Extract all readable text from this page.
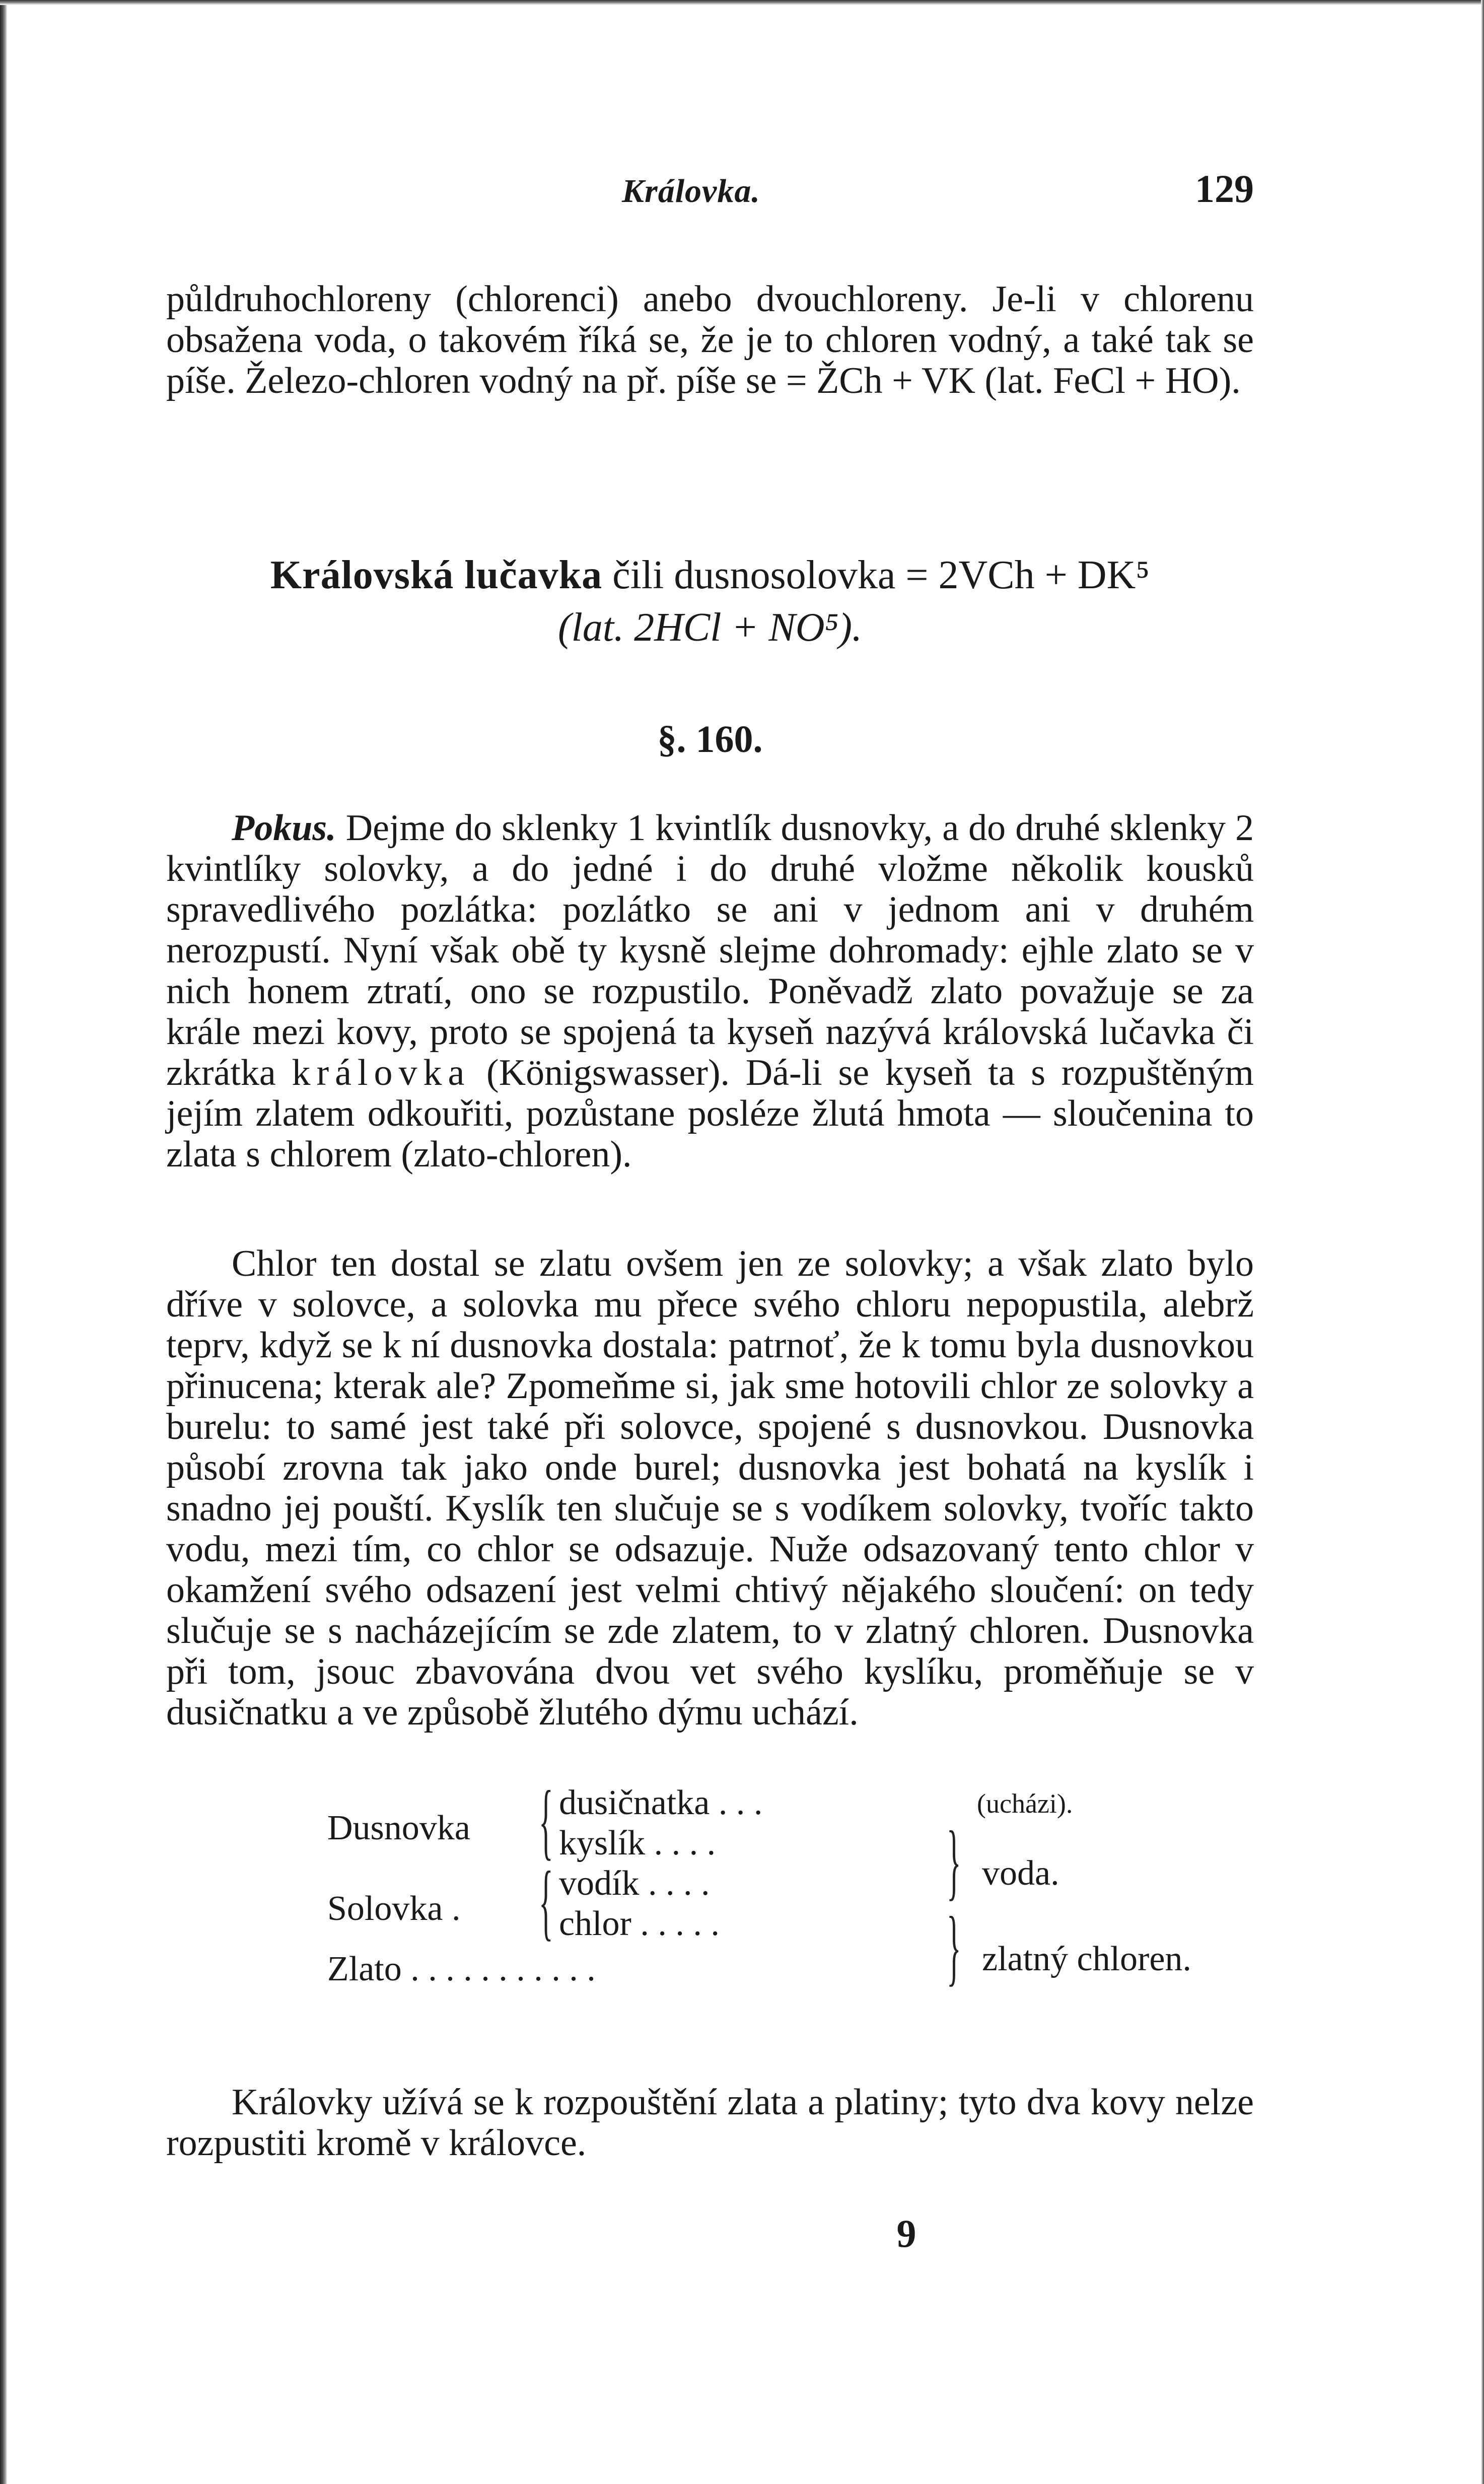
Královka.	129

půldruhochloreny (chlorenci) anebo dvouchloreny. Je-li v chlorenu obsažena voda, o takovém říká se, že je to chloren vodný, a také tak se píše. Železo-chloren vodný na př. píše se = ŽCh + VK (lat. FeCl + HO).

Královská lučavka čili dusnosolovka = 2VCh + DK⁵
(lat. 2HCl + NO⁵).
§. 160.

Pokus. Dejme do sklenky 1 kvintlík dusnovky, a do druhé sklenky 2 kvintlíky solovky, a do jedné i do druhé vložme několik kousků spravedlivého pozlátka: pozlátko se ani v jednom ani v druhém nerozpustí. Nyní však obě ty kysně slejme dohromady: ejhle zlato se v nich honem ztratí, ono se rozpustilo. Poněvadž zlato považuje se za krále mezi kovy, proto se spojená ta kyseň nazývá královská lučavka či zkrátka královka (Königswasser). Dá-li se kyseň ta s rozpuštěným jejím zlatem odkouřiti, pozůstane posléze žlutá hmota — sloučenina to zlata s chlorem (zlato-chloren).

Chlor ten dostal se zlatu ovšem jen ze solovky; a však zlato bylo dříve v solovce, a solovka mu přece svého chloru nepopustila, alebrž teprv, když se k ní dusnovka dostala: patrnoť, že k tomu byla dusnovkou přinucena; kterak ale? Zpomeňme si, jak sme hotovili chlor ze solovky a burelu: to samé jest také při solovce, spojené s dusnovkou. Dusnovka působí zrovna tak jako onde burel; dusnovka jest bohatá na kyslík i snadno jej pouští. Kyslík ten slučuje se s vodíkem solovky, tvoříc takto vodu, mezi tím, co chlor se odsazuje. Nuže odsazovaný tento chlor v okamžení svého odsazení jest velmi chtivý nějakého sloučení: on tedy slučuje se s nacházejícím se zde zlatem, to v zlatný chloren. Dusnovka při tom, jsouc zbavována dvou vet svého kyslíku, proměňuje se v dusičnatku a ve způsobě žlutého dýmu uchází.

Dusnovka
Solovka .
Zlato . . . . . . . . . . .
{
{
dusičnatka . . .
kyslík . . . .
vodík . . . .
chlor . . . . .
}
}
(ucházi).
voda.
zlatný chloren.

Královky užívá se k rozpouštění zlata a platiny; tyto dva kovy nelze rozpustiti kromě v královce.

9
